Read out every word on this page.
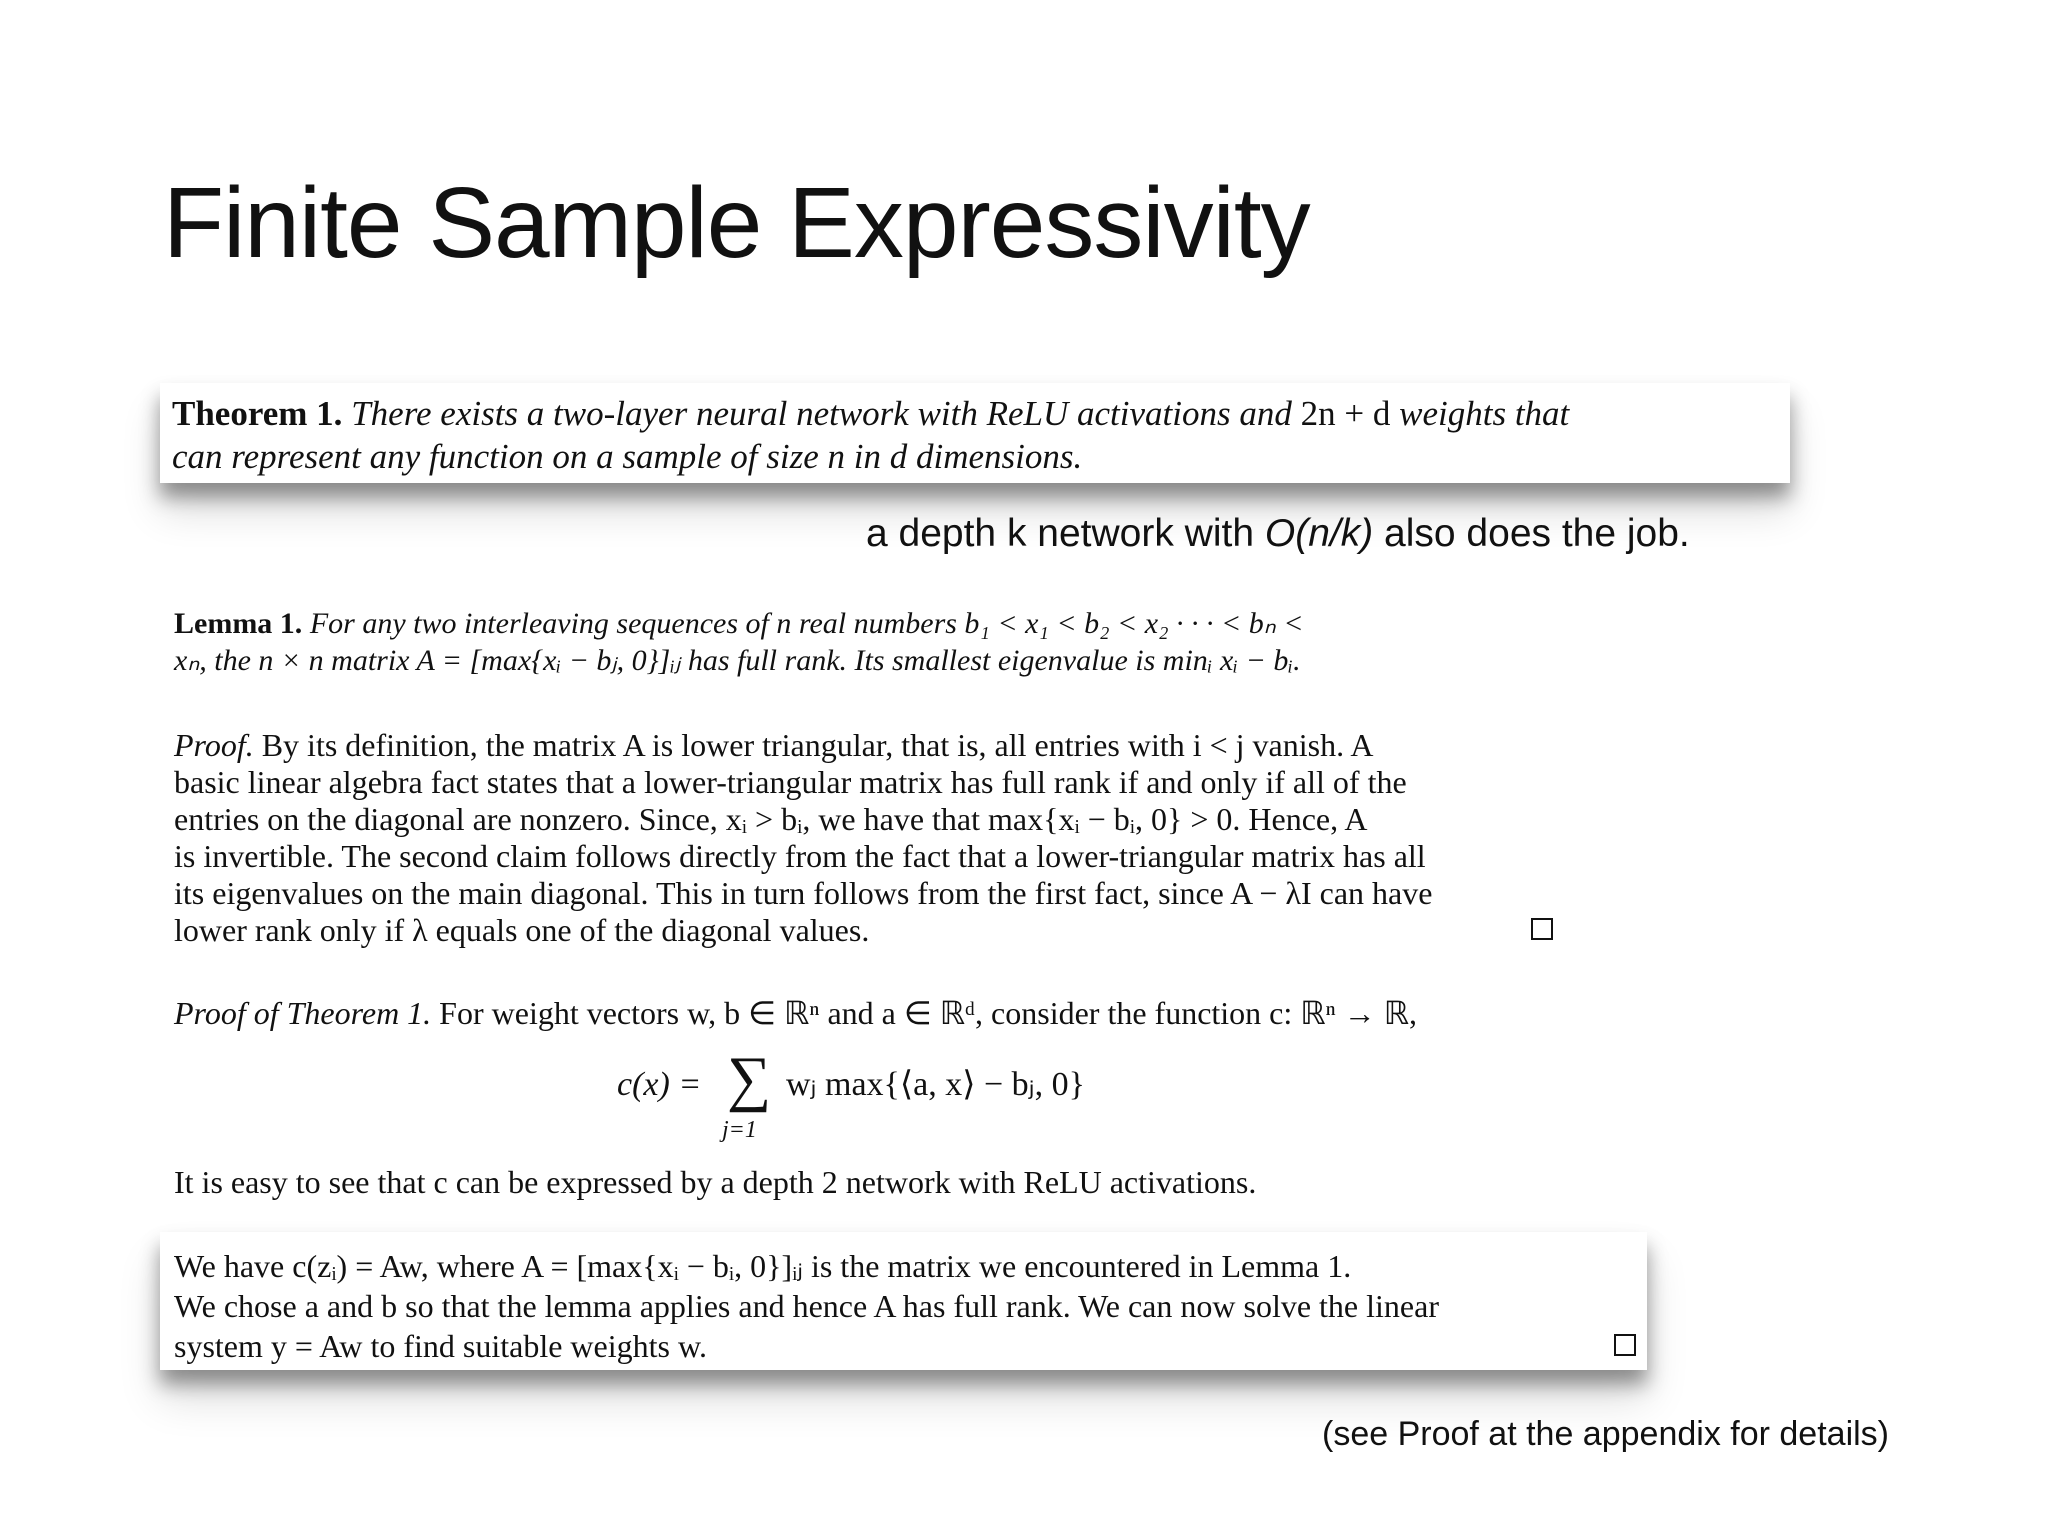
Finite Sample Expressivity
Theorem 1. There exists a two-layer neural network with ReLU activations and 2n + d weights that
can represent any function on a sample of size n in d dimensions.
a depth k network with O(n/k) also does the job.
Lemma 1. For any two interleaving sequences of n real numbers b₁ < x₁ < b₂ < x₂ · · · < bₙ <
xₙ, the n × n matrix A = [max{xᵢ − bⱼ, 0}]ᵢⱼ has full rank. Its smallest eigenvalue is minᵢ xᵢ − bᵢ.
Proof. By its definition, the matrix A is lower triangular, that is, all entries with i < j vanish. A
basic linear algebra fact states that a lower-triangular matrix has full rank if and only if all of the
entries on the diagonal are nonzero. Since, xᵢ > bᵢ, we have that max{xᵢ − bᵢ, 0} > 0. Hence, A
is invertible. The second claim follows directly from the fact that a lower-triangular matrix has all
its eigenvalues on the main diagonal. This in turn follows from the first fact, since A − λI can have
lower rank only if λ equals one of the diagonal values.
Proof of Theorem 1. For weight vectors w, b ∈ ℝⁿ and a ∈ ℝᵈ, consider the function c: ℝⁿ → ℝ,
c(x) = ∑
j=1
wⱼ max{⟨a, x⟩ − bⱼ, 0}
It is easy to see that c can be expressed by a depth 2 network with ReLU activations.
We have c(zᵢ) = Aw, where A = [max{xᵢ − bᵢ, 0}]ᵢⱼ is the matrix we encountered in Lemma 1.
We chose a and b so that the lemma applies and hence A has full rank. We can now solve the linear
system y = Aw to find suitable weights w.
(see Proof at the appendix for details)
